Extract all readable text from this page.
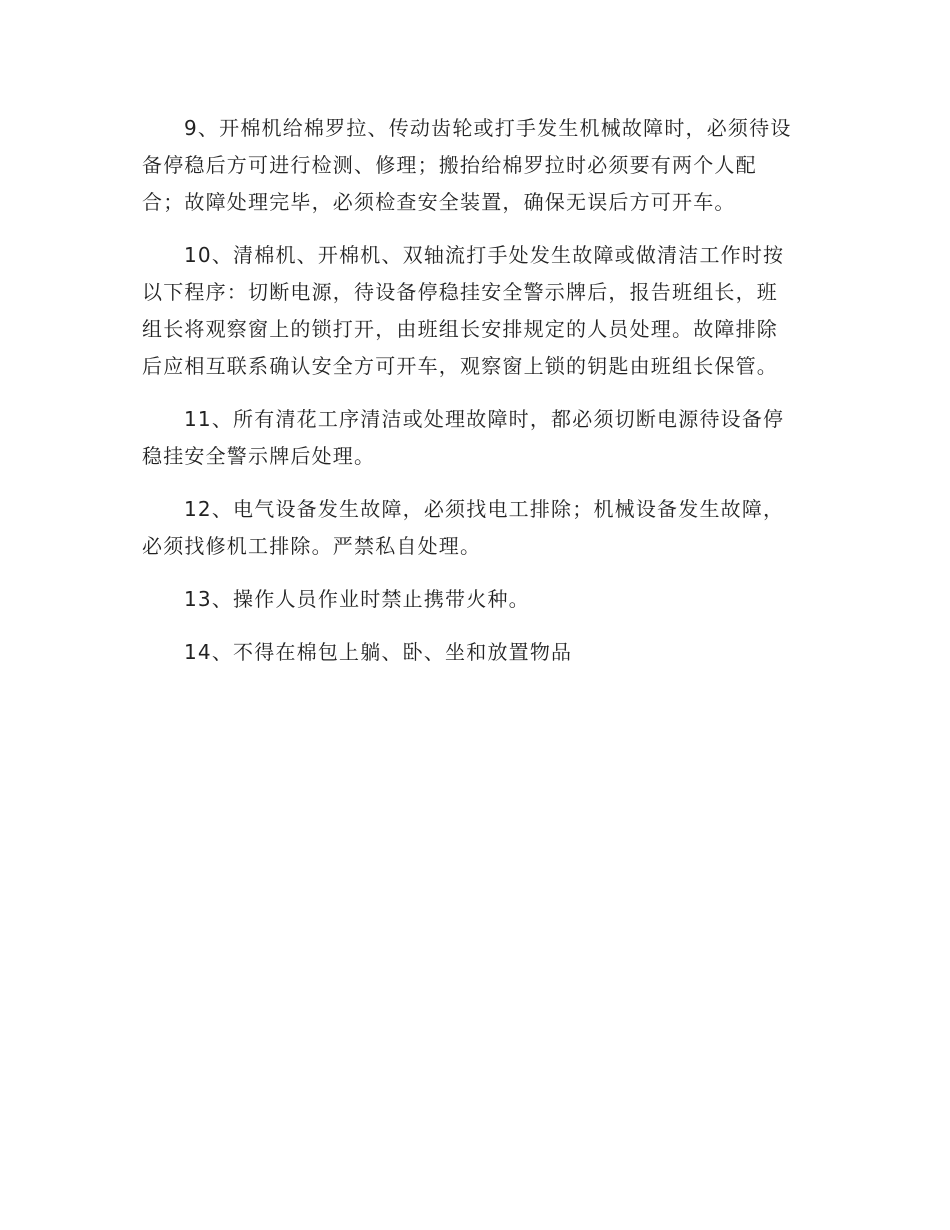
9、开棉机给棉罗拉、传动齿轮或打手发生机械故障时，必须待设
备停稳后方可进行检测、修理；搬抬给棉罗拉时必须要有两个人配
合；故障处理完毕，必须检查安全装置，确保无误后方可开车。

10、清棉机、开棉机、双轴流打手处发生故障或做清洁工作时按
以下程序：切断电源，待设备停稳挂安全警示牌后，报告班组长，班
组长将观察窗上的锁打开，由班组长安排规定的人员处理。故障排除
后应相互联系确认安全方可开车，观察窗上锁的钥匙由班组长保管。

11、所有清花工序清洁或处理故障时，都必须切断电源待设备停
稳挂安全警示牌后处理。

12、电气设备发生故障，必须找电工排除；机械设备发生故障，
必须找修机工排除。严禁私自处理。

13、操作人员作业时禁止携带火种。

14、不得在棉包上躺、卧、坐和放置物品
